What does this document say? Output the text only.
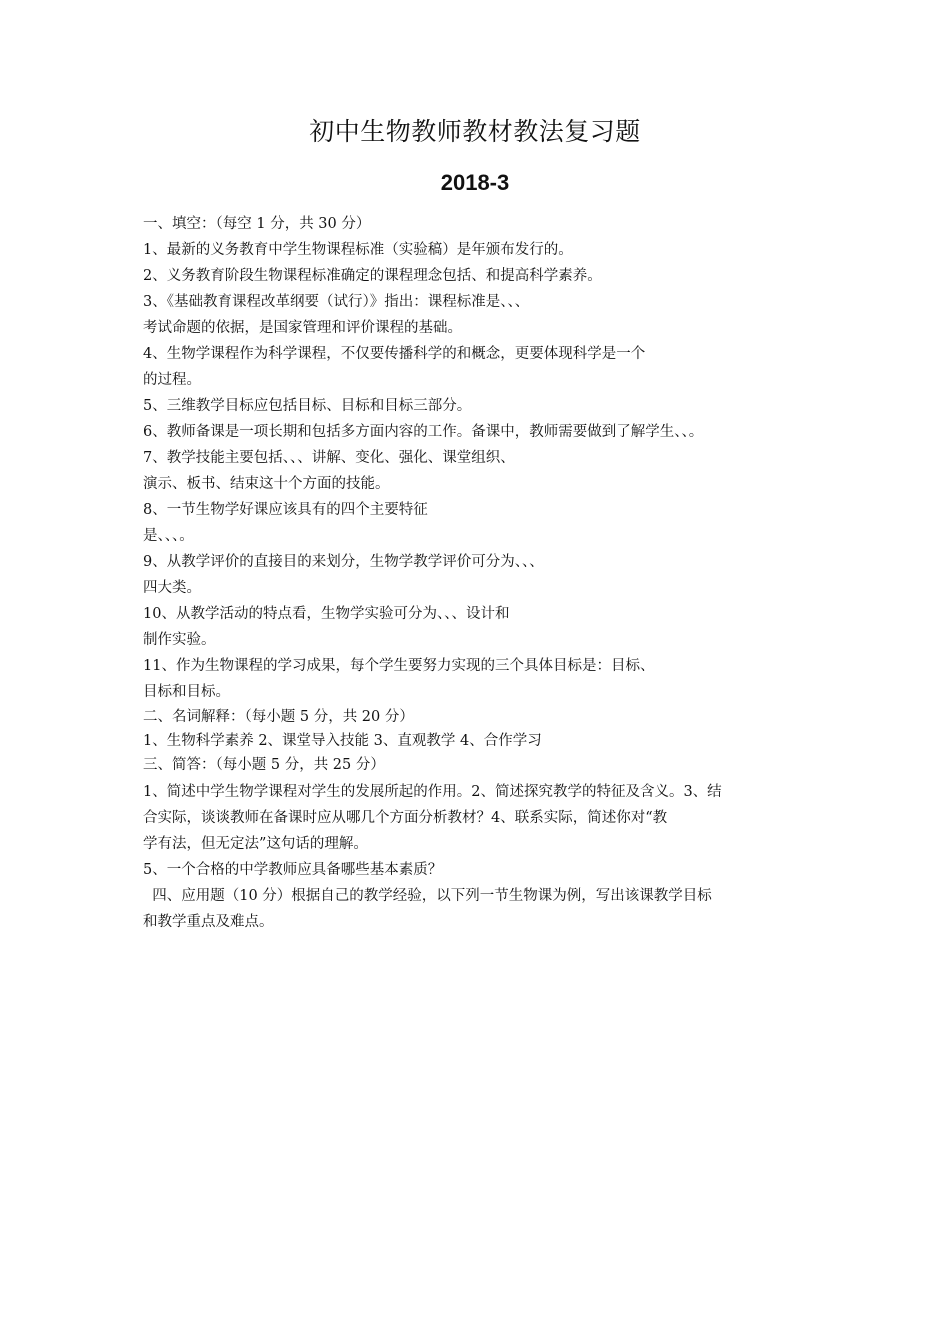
初中生物教师教材教法复习题
2018-3
一、填空：（每空 1 分，共 30 分）
1、最新的义务教育中学生物课程标准（实验稿）是年颁布发行的。
2、义务教育阶段生物课程标准确定的课程理念包括、和提高科学素养。
3、《基础教育课程改革纲要（试行）》指出：课程标准是、、、
考试命题的依据，是国家管理和评价课程的基础。
4、生物学课程作为科学课程，不仅要传播科学的和概念，更要体现科学是一个
的过程。
5、三维教学目标应包括目标、目标和目标三部分。
6、教师备课是一项长期和包括多方面内容的工作。备课中，教师需要做到了解学生、、。
7、教学技能主要包括、、、讲解、变化、强化、课堂组织、
演示、板书、结束这十个方面的技能。
8、一节生物学好课应该具有的四个主要特征
是、、、。
9、从教学评价的直接目的来划分，生物学教学评价可分为、、、
四大类。
10、从教学活动的特点看，生物学实验可分为、、、设计和
制作实验。
11、作为生物课程的学习成果，每个学生要努力实现的三个具体目标是：目标、
目标和目标。
二、名词解释：（每小题 5 分，共 20 分）
1、生物科学素养 2、课堂导入技能 3、直观教学 4、合作学习
三、简答：（每小题 5 分，共 25 分）
1、简述中学生物学课程对学生的发展所起的作用。2、简述探究教学的特征及含义。3、结
合实际，谈谈教师在备课时应从哪几个方面分析教材？4、联系实际，简述你对“教
学有法，但无定法”这句话的理解。
5、一个合格的中学教师应具备哪些基本素质？
四、应用题（10 分）根据自己的教学经验，以下列一节生物课为例，写出该课教学目标
和教学重点及难点。
